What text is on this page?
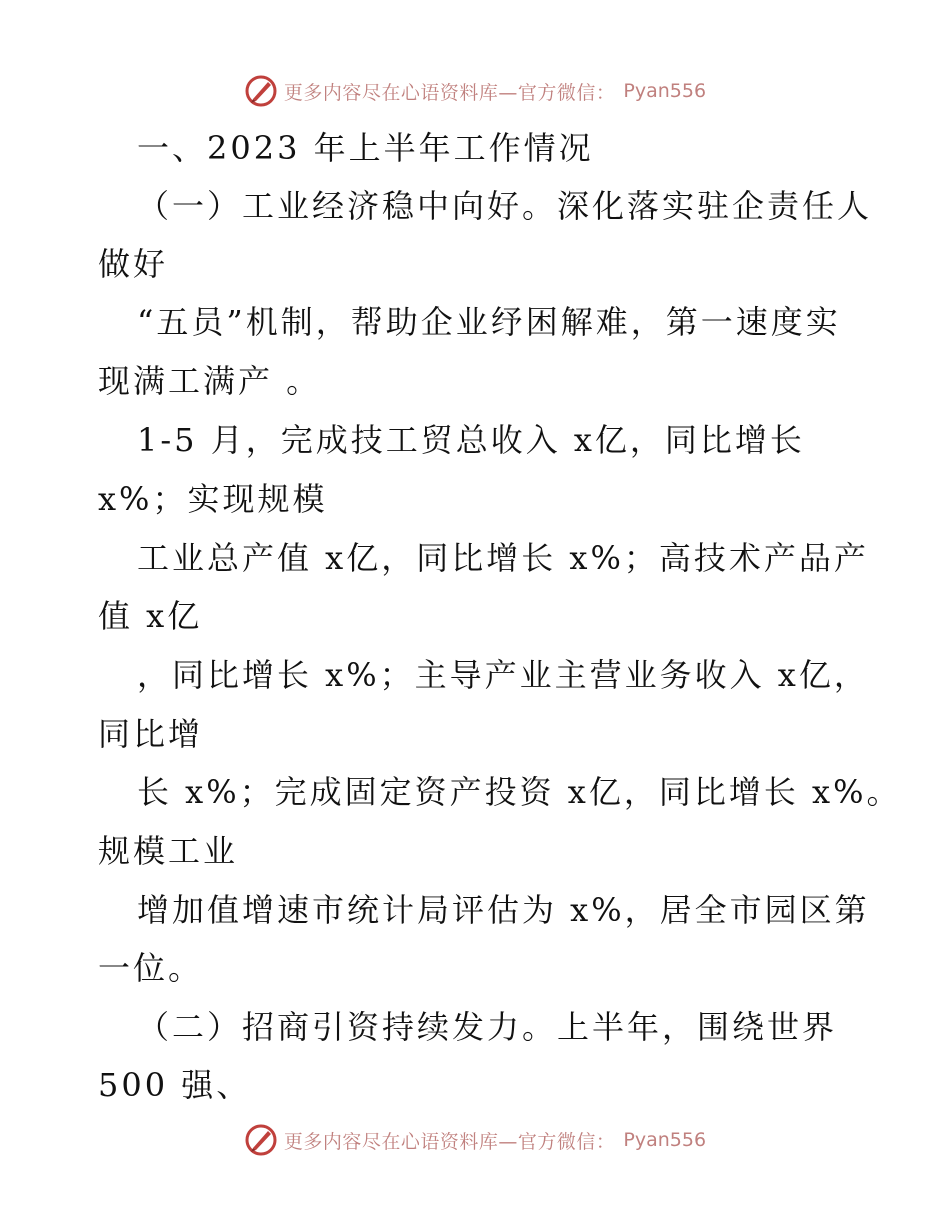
更多内容尽在心语资料库—官方微信： Pyan556
一、2023 年上半年工作情况
（一）工业经济稳中向好。深化落实驻企责任人
做好
“五员”机制，帮助企业纾困解难，第一速度实
现满工满产 。
1-5 月，完成技工贸总收入 x亿，同比增长
x%；实现规模
工业总产值 x亿，同比增长 x%；高技术产品产
值 x亿
，同比增长 x%；主导产业主营业务收入 x亿，
同比增
长 x%；完成固定资产投资 x亿，同比增长 x%。
规模工业
增加值增速市统计局评估为 x%，居全市园区第
一位。
（二）招商引资持续发力。上半年，围绕世界
500 强、
更多内容尽在心语资料库—官方微信： Pyan556
